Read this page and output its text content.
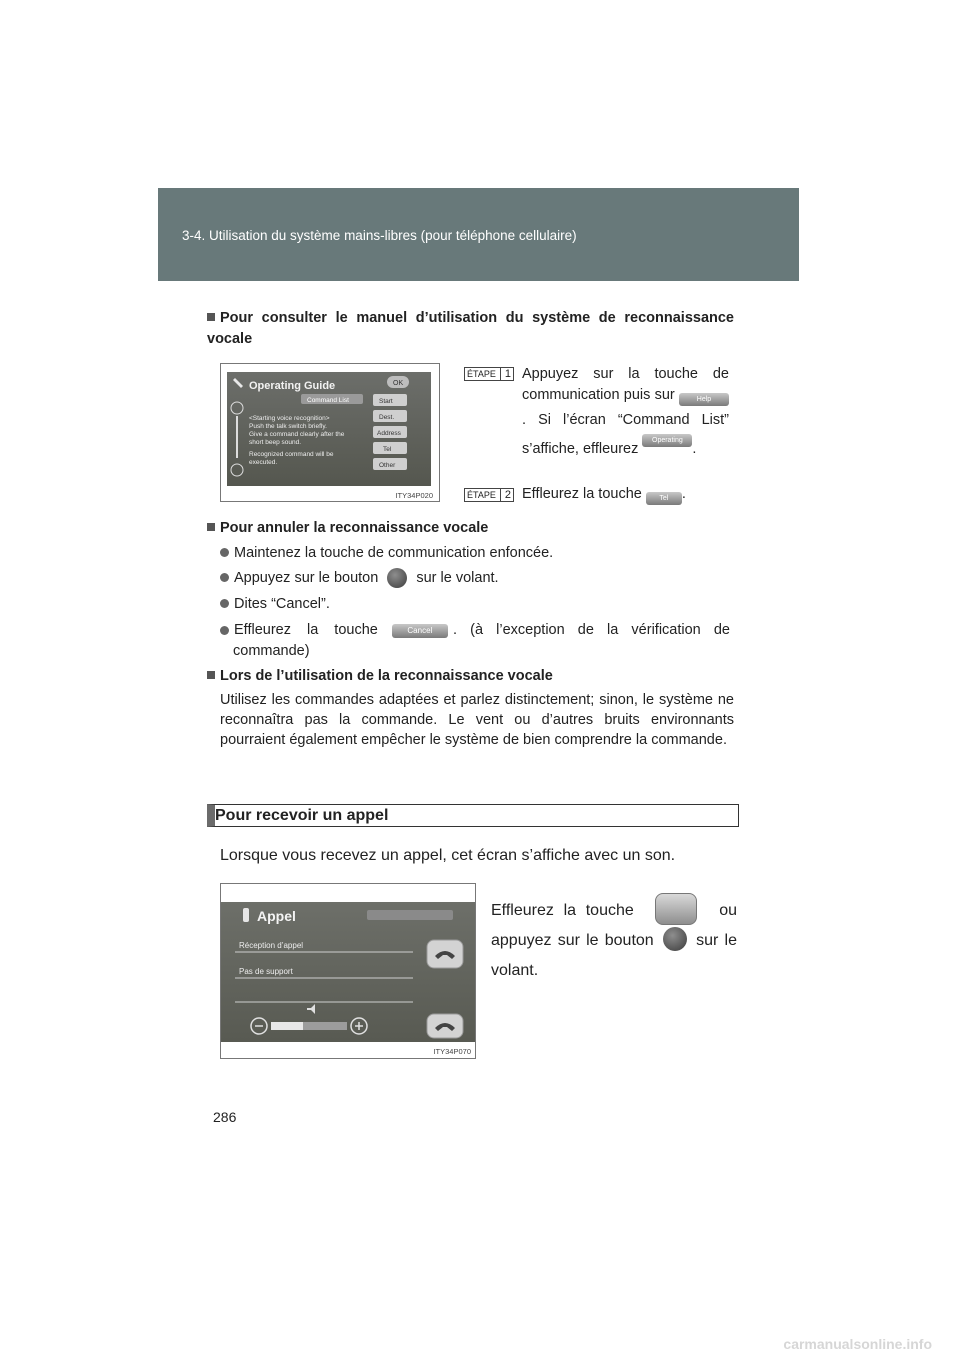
3-4. Utilisation du système mains-libres (pour téléphone cellulaire)
Pour consulter le manuel d’utilisation du système de reconnaissance vocale
Operating Guide	OK
Command List
<Starting voice recognition>
Push the talk switch briefly.
Give a command clearly after the
short beep sound.
Recognized command will be
executed.
Start
Dest.
Address
Tel
Other
ITY34P020
ÉTAPE 1 Appuyez sur la touche de communication puis sur	Help. Si l’écran “Command List” s’affiche, effleurez Operating Guide .
ÉTAPE 2 Effleurez la touche	Tel .
Pour annuler la reconnaissance vocale
Maintenez la touche de communication enfoncée.
Appuyez sur le bouton	sur le volant.
Dites “Cancel”.
Effleurez la touche	Cancel	. (à l’exception de la vérification de commande)
Lors de l’utilisation de la reconnaissance vocale
Utilisez les commandes adaptées et parlez distinctement; sinon, le système ne reconnaîtra pas la commande. Le vent ou d’autres bruits environnants pourraient également empêcher le système de bien comprendre la commande.
Pour recevoir un appel
Lorsque vous recevez un appel, cet écran s’affiche avec un son.
Appel
Réception d’appel
Pas de support
ITY34P070
Effleurez la touche	ou appuyez sur le bouton	sur le volant.
286
carmanualsonline.info
